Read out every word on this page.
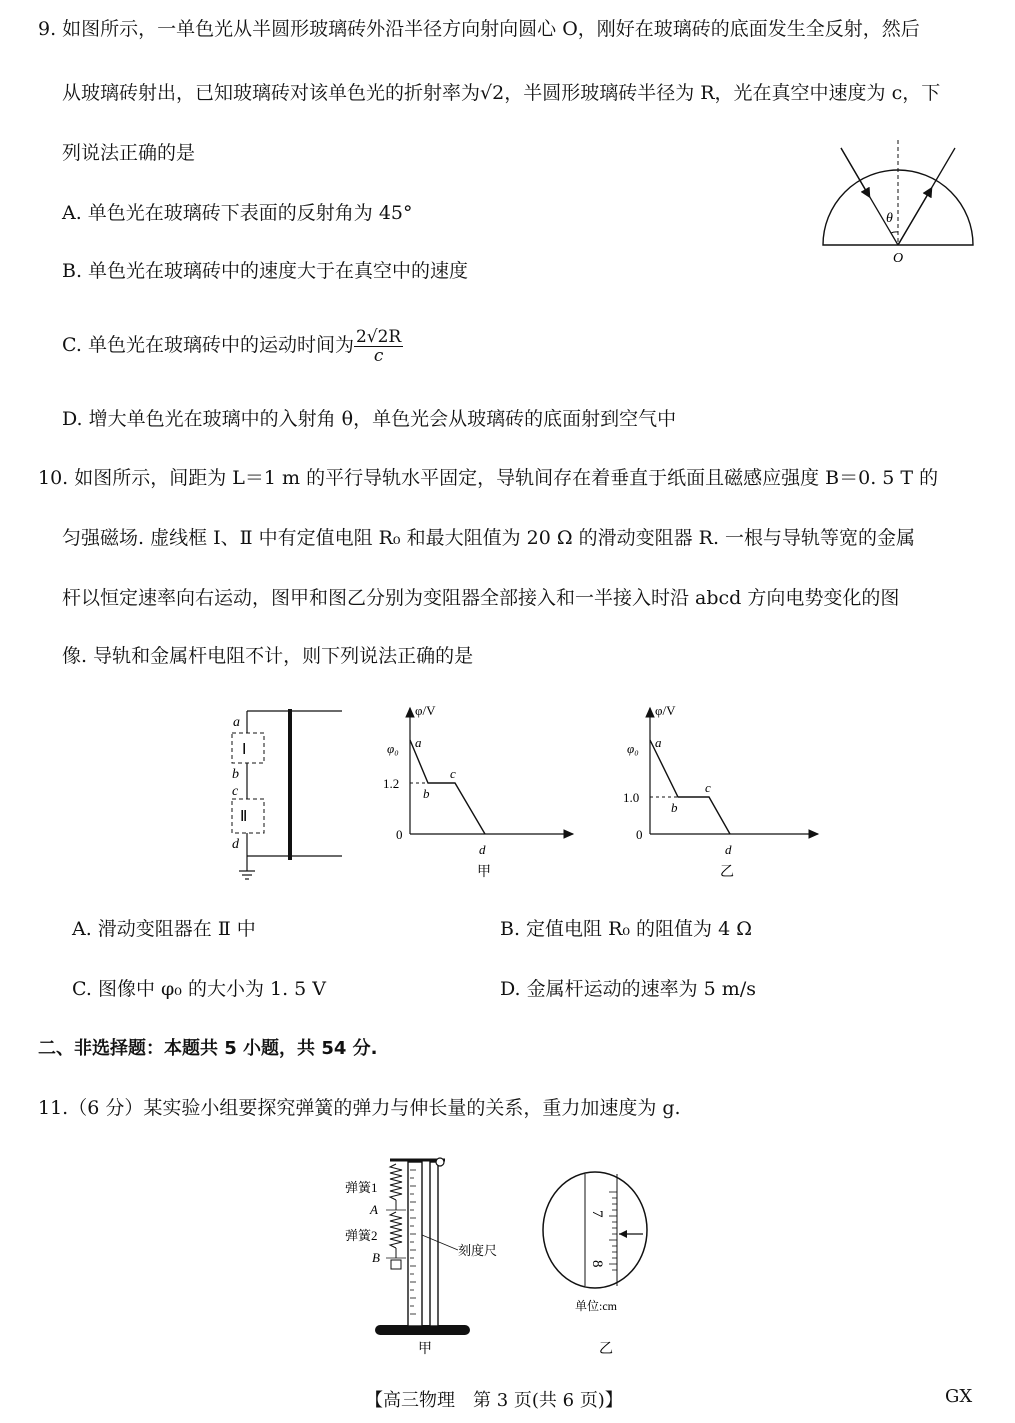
9. 如图所示，一单色光从半圆形玻璃砖外沿半径方向射向圆心 O，刚好在玻璃砖的底面发生全反射，然后
从玻璃砖射出，已知玻璃砖对该单色光的折射率为√2，半圆形玻璃砖半径为 R，光在真空中速度为 c，下
列说法正确的是
A. 单色光在玻璃砖下表面的反射角为 45°
B. 单色光在玻璃砖中的速度大于在真空中的速度
C. 单色光在玻璃砖中的运动时间为 $\frac{2√2R}{c}$
D. 增大单色光在玻璃中的入射角 θ，单色光会从玻璃砖的底面射到空气中
θ
O
10. 如图所示，间距为 L＝1 m 的平行导轨水平固定，导轨间存在着垂直于纸面且磁感应强度 B＝0. 5 T 的
匀强磁场. 虚线框 Ⅰ、Ⅱ 中有定值电阻 R₀ 和最大阻值为 20 Ω 的滑动变阻器 R. 一根与导轨等宽的金属
杆以恒定速率向右运动，图甲和图乙分别为变阻器全部接入和一半接入时沿 abcd 方向电势变化的图
像. 导轨和金属杆电阻不计，则下列说法正确的是
a
Ⅰ
b
c
Ⅱ
d
φ/V
φ₀ a
1.2
b
c
0
d
甲
φ/V
φ₀ a
1.0
b
c
0
d
乙
A. 滑动变阻器在 Ⅱ 中	B. 定值电阻 R₀ 的阻值为 4 Ω
C. 图像中 φ₀ 的大小为 1. 5 V	D. 金属杆运动的速率为 5 m/s
二、非选择题：本题共 5 小题，共 54 分.
11.（6 分）某实验小组要探究弹簧的弹力与伸长量的关系，重力加速度为 g.
弹簧1
A
弹簧2
B	刻度尺
甲
7
8
单位:cm
乙
【高三物理　第 3 页(共 6 页)】	GX
